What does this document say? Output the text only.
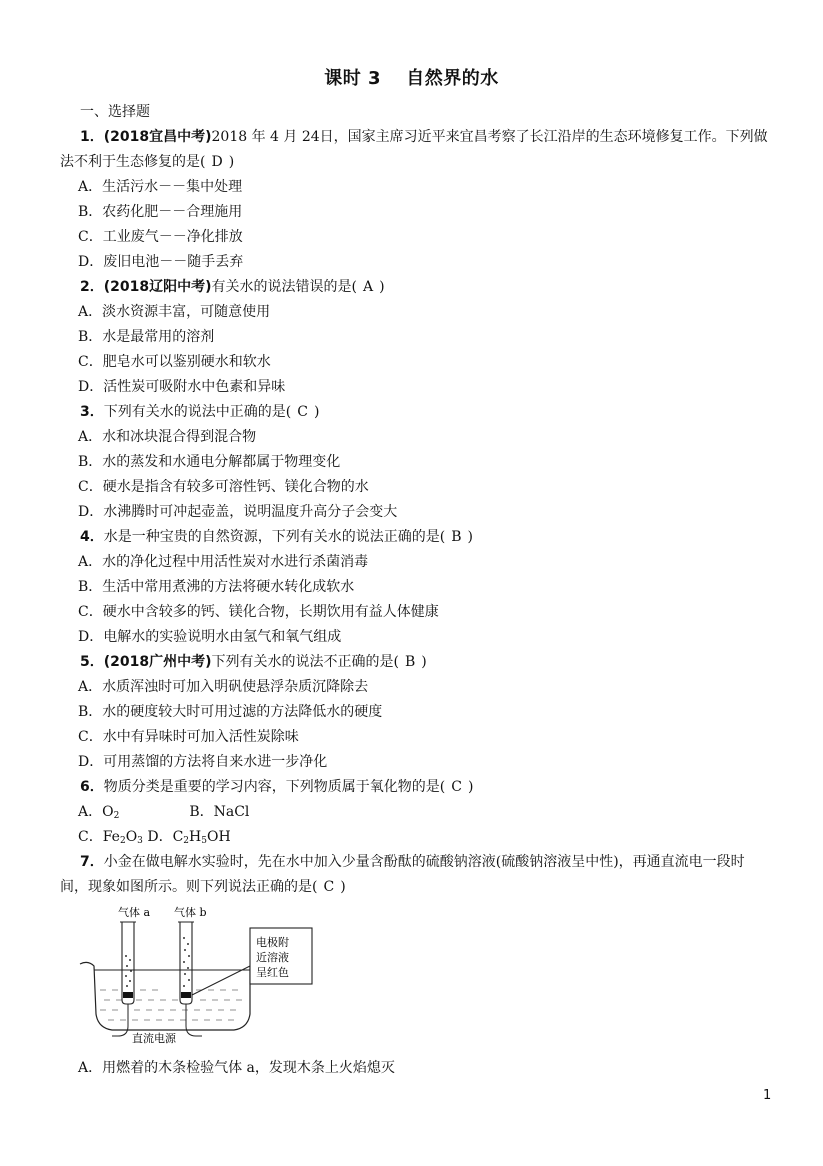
课时 3　 自然界的水
一、选择题
1．(2018宜昌中考)2018 年 4 月 24日，国家主席习近平来宜昌考察了长江沿岸的生态环境修复工作。下列做
法不利于生态修复的是( D )
A．生活污水－－集中处理
B．农药化肥－－合理施用
C．工业废气－－净化排放
D．废旧电池－－随手丢弃
2．(2018辽阳中考)有关水的说法错误的是( A )
A．淡水资源丰富，可随意使用
B．水是最常用的溶剂
C．肥皂水可以鉴别硬水和软水
D．活性炭可吸附水中色素和异味
3．下列有关水的说法中正确的是( C )
A．水和冰块混合得到混合物
B．水的蒸发和水通电分解都属于物理变化
C．硬水是指含有较多可溶性钙、镁化合物的水
D．水沸腾时可冲起壶盖，说明温度升高分子会变大
4．水是一种宝贵的自然资源，下列有关水的说法正确的是( B )
A．水的净化过程中用活性炭对水进行杀菌消毒
B．生活中常用煮沸的方法将硬水转化成软水
C．硬水中含较多的钙、镁化合物，长期饮用有益人体健康
D．电解水的实验说明水由氢气和氧气组成
5．(2018广州中考)下列有关水的说法不正确的是( B )
A．水质浑浊时可加入明矾使悬浮杂质沉降除去
B．水的硬度较大时可用过滤的方法降低水的硬度
C．水中有异味时可加入活性炭除味
D．可用蒸馏的方法将自来水进一步净化
6．物质分类是重要的学习内容，下列物质属于氧化物的是( C )
A．$O_2$	B．NaCl
C．$Fe_2O_3$ D．$C_2H_5OH$
7．小金在做电解水实验时，先在水中加入少量含酚酞的硫酸钠溶液(硫酸钠溶液呈中性)，再通直流电一段时
间，现象如图所示。则下列说法正确的是( C )
气体 a 气体 b
直流电源
电极附
近溶液
呈红色
A．用燃着的木条检验气体 a，发现木条上火焰熄灭
1
